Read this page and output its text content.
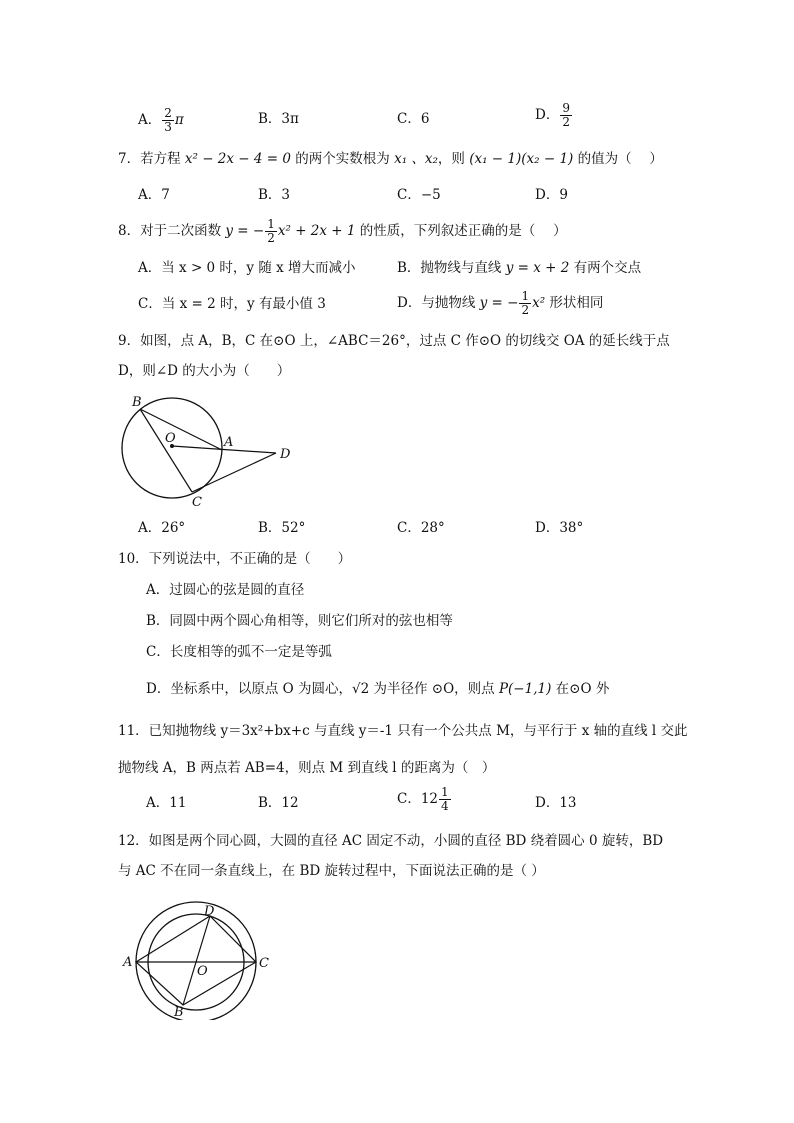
A． $\frac{2}{3}$ π	B．3π	C．6	D． $\frac{9}{2}$
7．若方程 x² − 2x − 4 = 0 的两个实数根为 x₁ 、x₂，则 (x₁ − 1)(x₂ − 1) 的值为（　 ）
A．7	B．3	C．−5	D．9
8．对于二次函数 y = − $\frac{1}{2} x^2 + 2x + 1$ 的性质，下列叙述正确的是（　 ）
A．当 x > 0 时，y 随 x 增大而减小	B．抛物线与直线 y = x + 2 有两个交点
C．当 x = 2 时，y 有最小值 3	D．与抛物线 y = − $\frac{1}{2} x^2$ 形状相同
9．如图，点 A，B，C 在⊙O 上，∠ABC＝26°，过点 C 作⊙O 的切线交 OA 的延长线于点
D，则∠D 的大小为（　　）
B
O	A
D
C
A．26°	B．52°	C．28°	D．38°
10．下列说法中，不正确的是（　　）
A．过圆心的弦是圆的直径
B．同圆中两个圆心角相等，则它们所对的弦也相等
C．长度相等的弧不一定是等弧
D．坐标系中，以原点 O 为圆心，√2 为半径作 ⊙O，则点 P(−1,1) 在⊙O 外
11．已知抛物线 y＝3x²+bx+c 与直线 y＝-1 只有一个公共点 M，与平行于 x 轴的直线 l 交此
抛物线 A，B 两点若 AB=4，则点 M 到直线 l 的距离为（　）
A．11	B．12	C．$12 \frac{1}{4}$	D．13
12．如图是两个同心圆，大圆的直径 AC 固定不动，小圆的直径 BD 绕着圆心 0 旋转，BD
与 AC 不在同一条直线上，在 BD 旋转过程中，下面说法正确的是（ ）
A	C
D
B
O
